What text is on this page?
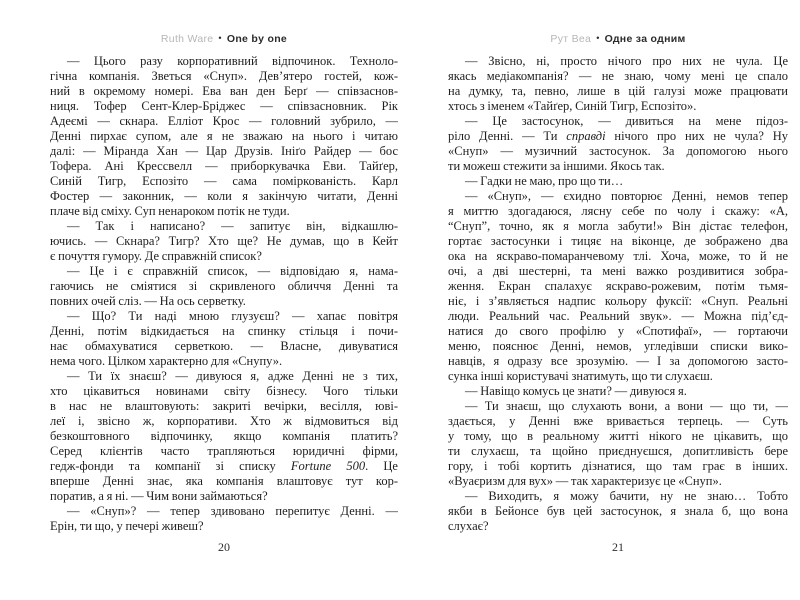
Ruth Ware • One by one
— Цього разу корпоративний відпочинок. Техноло-
гічна компанія. Зветься «Снуп». Дев’ятеро гостей, кож-
ний в окремому номері. Ева ван ден Берґ — співзаснов-
ниця. Тофер Сент-Клер-Бріджес — співзасновник. Рік
Адеємі — скнара. Елліот Крос — головний зубрило, —
Денні пирхає супом, але я не зважаю на нього і читаю
далі: — Міранда Хан — Цар Друзів. Ініґо Райдер — бос
Тофера. Ані Крессвелл — приборкувачка Еви. Тайґер,
Синій Тигр, Еспозіто — сама поміркованість. Карл
Фостер — законник, — коли я закінчую читати, Денні
плаче від сміху. Суп ненароком потік не туди.
— Так і написано? — запитує він, відкашлю-
ючись. — Скнара? Тигр? Хто ще? Не думав, що в Кейт
є почуття гумору. Де справжній список?
— Це і є справжній список, — відповідаю я, нама-
гаючись не сміятися зі скривленого обличчя Денні та
повних очей сліз. — На ось серветку.
— Що? Ти наді мною глузуєш? — хапає повітря
Денні, потім відкидається на спинку стільця і почи-
нає обмахуватися серветкою. — Власне, дивуватися
нема чого. Цілком характерно для «Снупу».
— Ти їх знаєш? — дивуюся я, адже Денні не з тих,
хто цікавиться новинами світу бізнесу. Чого тільки
в нас не влаштовують: закриті вечірки, весілля, юві-
леї і, звісно ж, корпоративи. Хто ж відмовиться від
безкоштовного відпочинку, якщо компанія платить?
Серед клієнтів часто трапляються юридичні фірми,
гедж-фонди та компанії зі списку Fortune 500. Це
вперше Денні знає, яка компанія влаштовує тут кор-
поратив, а я ні. — Чим вони займаються?
— «Снуп»? — тепер здивовано перепитує Денні. —
Ерін, ти що, у печері живеш?
20
Рут Веа • Одне за одним
— Звісно, ні, просто нічого про них не чула. Це
якась медіакомпанія? — не знаю, чому мені це спало
на думку, та, певно, лише в цій галузі може працювати
хтось з іменем «Тайґер, Синій Тигр, Еспозіто».
— Це застосунок, — дивиться на мене підоз-
ріло Денні. — Ти справді нічого про них не чула? Ну
«Снуп» — музичний застосунок. За допомогою нього
ти можеш стежити за іншими. Якось так.
— Гадки не маю, про що ти…
— «Снуп», — єхидно повторює Денні, немов тепер
я миттю здогадаюся, лясну себе по чолу і скажу: «А,
“Снуп”, точно, як я могла забути!» Він дістає телефон,
гортає застосунки і тицяє на віконце, де зображено два
ока на яскраво-помаранчевому тлі. Хоча, може, то й не
очі, а дві шестерні, та мені важко роздивитися зобра-
ження. Екран спалахує яскраво-рожевим, потім тьмя-
ніє, і з’являється надпис кольору фуксії: «Снуп. Реальні
люди. Реальний час. Реальний звук». — Можна під’єд-
натися до свого профілю у «Спотифаї», — гортаючи
меню, пояснює Денні, немов, угледівши списки вико-
навців, я одразу все зрозумію. — І за допомогою засто-
сунка інші користувачі знатимуть, що ти слухаєш.
— Навіщо комусь це знати? — дивуюся я.
— Ти знаєш, що слухають вони, а вони — що ти, —
здається, у Денні вже вривається терпець. — Суть
у тому, що в реальному житті нікого не цікавить, що
ти слухаєш, та щойно приєднуєшся, допитливість бере
гору, і тобі кортить дізнатися, що там грає в інших.
«Вуаєризм для вух» — так характеризує це «Снуп».
— Виходить, я можу бачити, ну не знаю… Тобто
якби в Бейонсе був цей застосунок, я знала б, що вона
слухає?
21
